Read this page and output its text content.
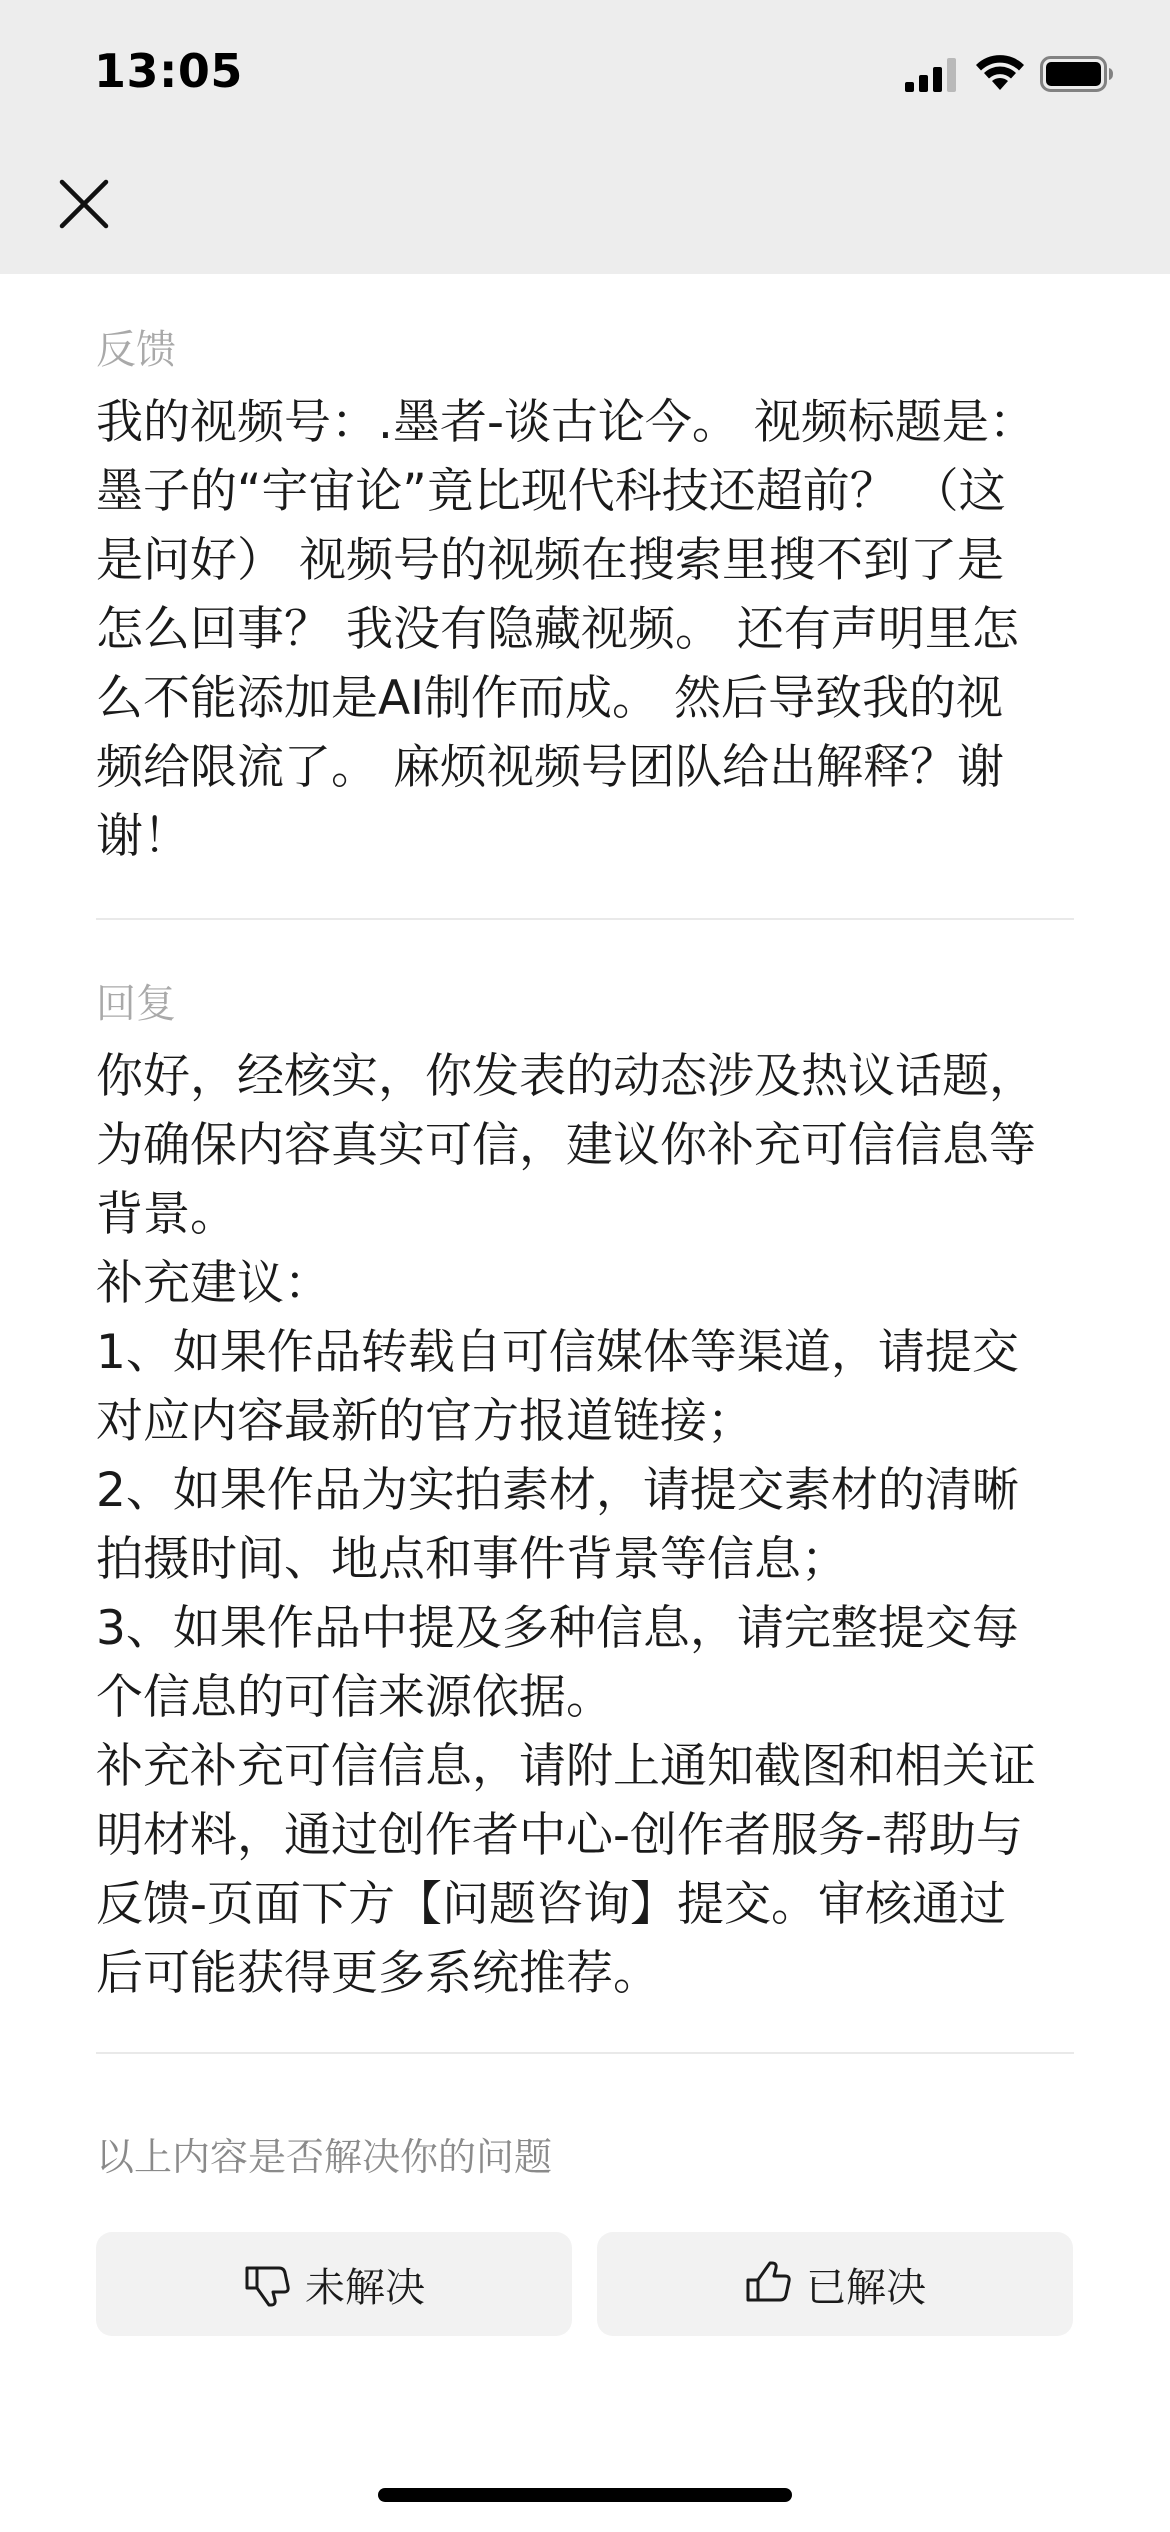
13:05
反馈
我的视频号：.墨者-谈古论今。 视频标题是：
墨子的“宇宙论”竟比现代科技还超前？ （这
是问好） 视频号的视频在搜索里搜不到了是
怎么回事？ 我没有隐藏视频。 还有声明里怎
么不能添加是AI制作而成。 然后导致我的视
频给限流了。 麻烦视频号团队给出解释？谢
谢！
回复
你好，经核实，你发表的动态涉及热议话题，
为确保内容真实可信，建议你补充可信信息等
背景。
补充建议：
1、如果作品转载自可信媒体等渠道，请提交
对应内容最新的官方报道链接；
2、如果作品为实拍素材，请提交素材的清晰
拍摄时间、地点和事件背景等信息；
3、如果作品中提及多种信息，请完整提交每
个信息的可信来源依据。
补充补充可信信息，请附上通知截图和相关证
明材料，通过创作者中心-创作者服务-帮助与
反馈-页面下方【问题咨询】提交。审核通过
后可能获得更多系统推荐。
以上内容是否解决你的问题
未解决	已解决
